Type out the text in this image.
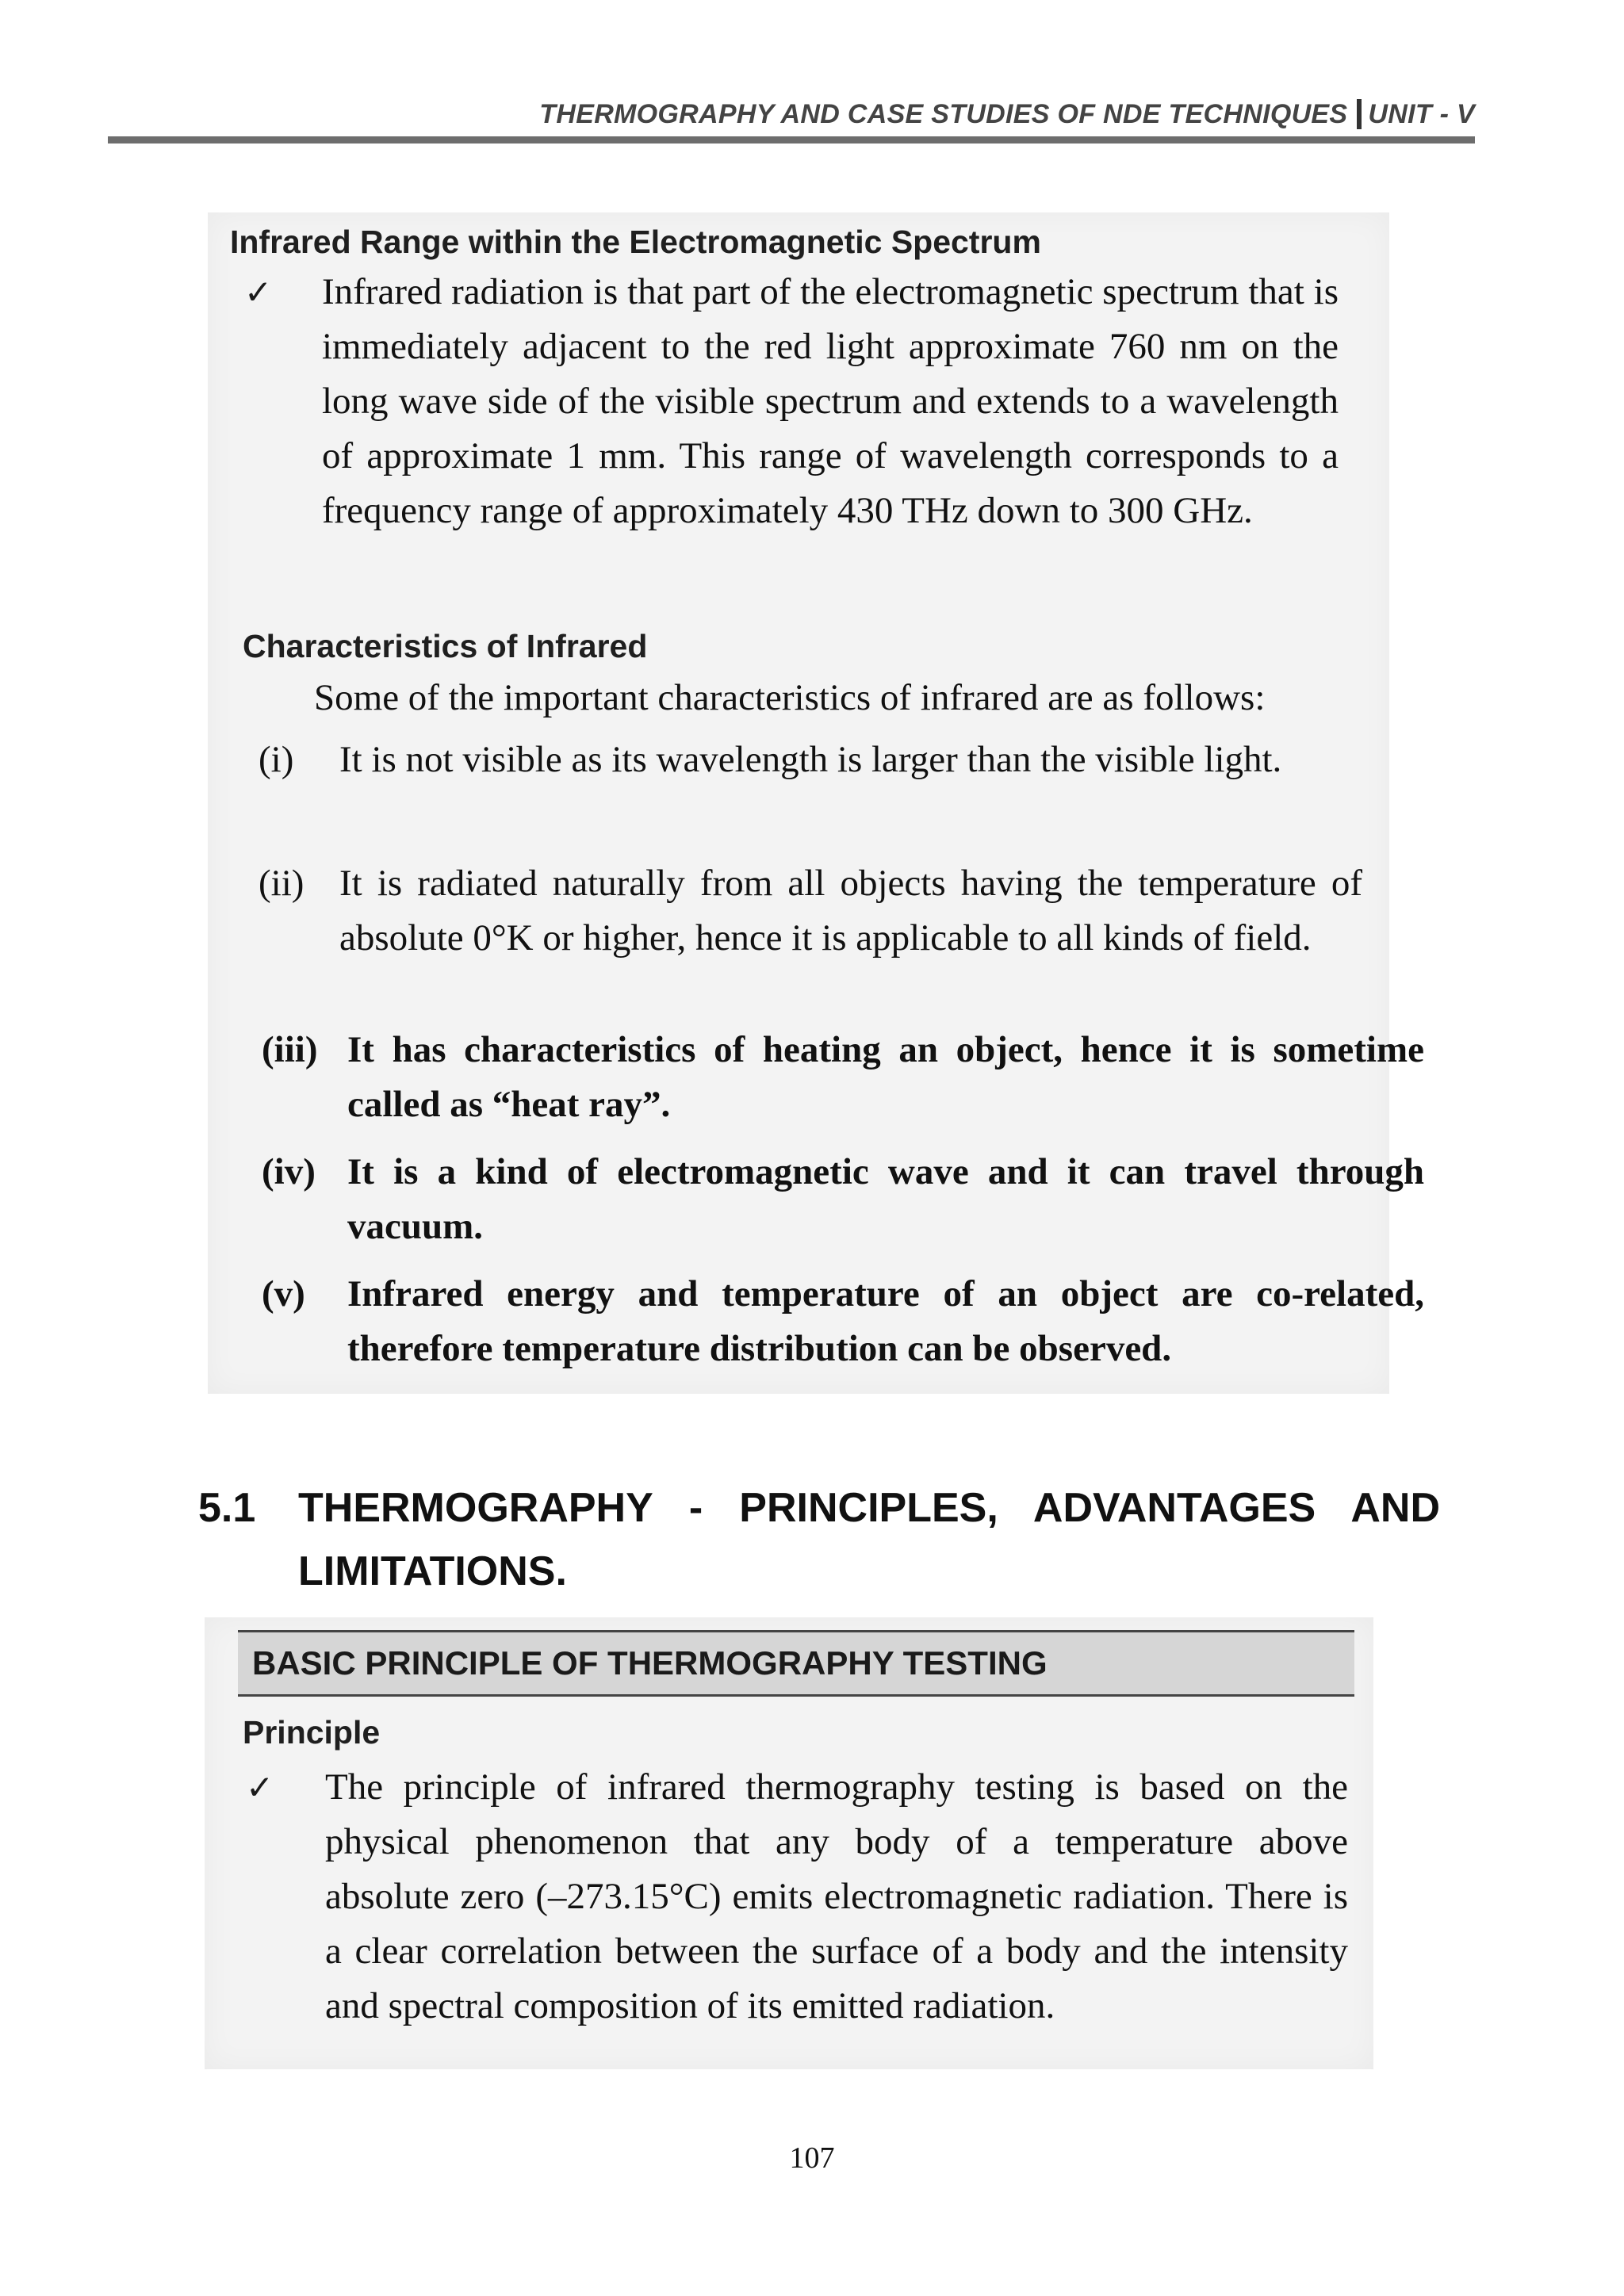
THERMOGRAPHY AND CASE STUDIES OF NDE TECHNIQUES UNIT - V
Infrared Range within the Electromagnetic Spectrum
✓ Infrared radiation is that part of the electromagnetic spectrum that is immediately adjacent to the red light approximate 760 nm on the long wave side of the visible spectrum and extends to a wavelength of approximate 1 mm. This range of wavelength corresponds to a frequency range of approximately 430 THz down to 300 GHz.
Characteristics of Infrared
Some of the important characteristics of infrared are as follows:
(i) It is not visible as its wavelength is larger than the visible light.
(ii) It is radiated naturally from all objects having the temperature of absolute 0°K or higher, hence it is applicable to all kinds of field.
(iii) It has characteristics of heating an object, hence it is sometime called as “heat ray”.
(iv) It is a kind of electromagnetic wave and it can travel through vacuum.
(v) Infrared energy and temperature of an object are co-related, therefore temperature distribution can be observed.
5.1 THERMOGRAPHY - PRINCIPLES, ADVANTAGES AND LIMITATIONS.
BASIC PRINCIPLE OF THERMOGRAPHY TESTING
Principle
✓ The principle of infrared thermography testing is based on the physical phenomenon that any body of a temperature above absolute zero (–273.15°C) emits electromagnetic radiation. There is a clear correlation between the surface of a body and the intensity and spectral composition of its emitted radiation.
107
